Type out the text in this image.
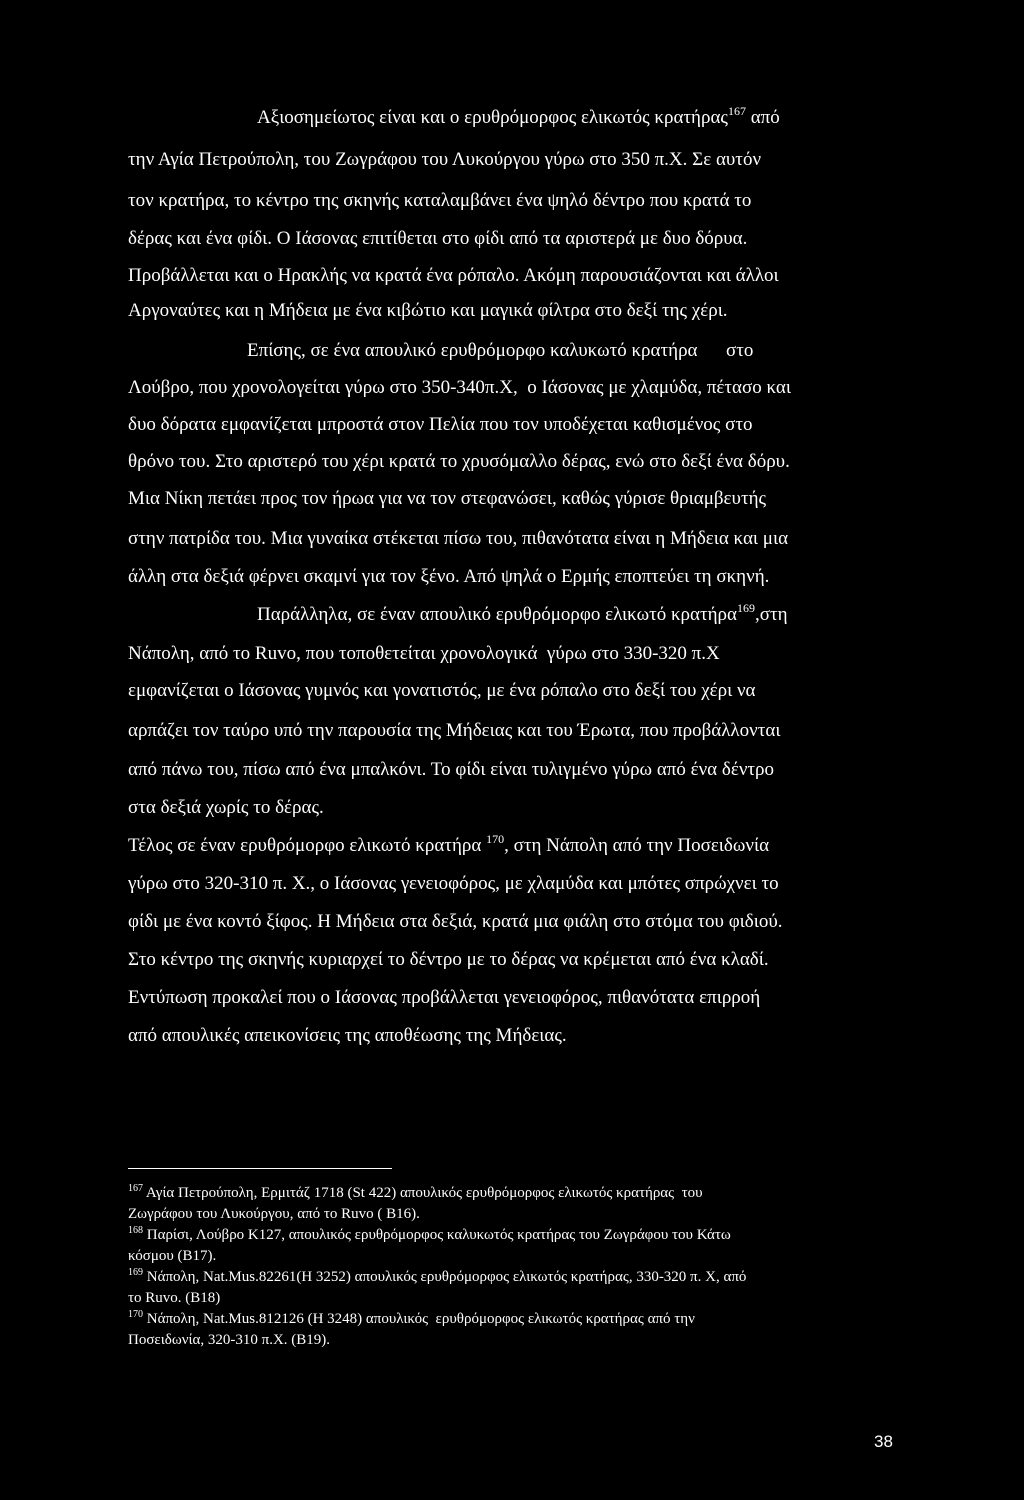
Αξιοσημείωτος είναι και ο ερυθρόμορφος ελικωτός κρατήρας$^{167}$ από
την Αγία Πετρούπολη, του Ζωγράφου του Λυκούργου γύρω στο 350 π.Χ. Σε αυτόν
τον κρατήρα, το κέντρο της σκηνής καταλαμβάνει ένα ψηλό δέντρο που κρατά το
δέρας και ένα φίδι. Ο Ιάσονας επιτίθεται στο φίδι από τα αριστερά με δυο δόρυα.
Προβάλλεται και ο Ηρακλής να κρατά ένα ρόπαλο. Ακόμη παρουσιάζονται και άλλοι
Αργοναύτες και η Μήδεια με ένα κιβώτιο και μαγικά φίλτρα στο δεξί της χέρι.
Επίσης, σε ένα απουλικό ερυθρόμορφο καλυκωτό κρατήρα      στο
Λούβρο, που χρονολογείται γύρω στο 350-340π.Χ,  ο Ιάσονας με χλαμύδα, πέτασο και
δυο δόρατα εμφανίζεται μπροστά στον Πελία που τον υποδέχεται καθισμένος στο
θρόνο του. Στο αριστερό του χέρι κρατά το χρυσόμαλλο δέρας, ενώ στο δεξί ένα δόρυ.
Μια Νίκη πετάει προς τον ήρωα για να τον στεφανώσει, καθώς γύρισε θριαμβευτής
στην πατρίδα του. Μια γυναίκα στέκεται πίσω του, πιθανότατα είναι η Μήδεια και μια
άλλη στα δεξιά φέρνει σκαμνί για τον ξένο. Από ψηλά ο Ερμής εποπτεύει τη σκηνή.
Παράλληλα, σε έναν απουλικό ερυθρόμορφο ελικωτό κρατήρα$^{169}$,στη
Νάπολη, από το Ruvo, που τοποθετείται χρονολογικά  γύρω στο 330-320 π.Χ
εμφανίζεται ο Ιάσονας γυμνός και γονατιστός, με ένα ρόπαλο στο δεξί του χέρι να
αρπάζει τον ταύρο υπό την παρουσία της Μήδειας και του Έρωτα, που προβάλλονται
από πάνω του, πίσω από ένα μπαλκόνι. Το φίδι είναι τυλιγμένο γύρω από ένα δέντρο
στα δεξιά χωρίς το δέρας.
Τέλος σε έναν ερυθρόμορφο ελικωτό κρατήρα $^{170}$, στη Νάπολη από την Ποσειδωνία
γύρω στο 320-310 π. Χ., ο Ιάσονας γενειοφόρος, με χλαμύδα και μπότες σπρώχνει το
φίδι με ένα κοντό ξίφος. Η Μήδεια στα δεξιά, κρατά μια φιάλη στο στόμα του φιδιού.
Στο κέντρο της σκηνής κυριαρχεί το δέντρο με το δέρας να κρέμεται από ένα κλαδί.
Εντύπωση προκαλεί που ο Ιάσονας προβάλλεται γενειοφόρος, πιθανότατα επιρροή
από απουλικές απεικονίσεις της αποθέωσης της Μήδειας.
$^{167}$ Αγία Πετρούπολη, Ερμιτάζ 1718 (St 422) απουλικός ερυθρόμορφος ελικωτός κρατήρας  του
Ζωγράφου του Λυκούργου, από το Ruvo ( B16).
$^{168}$ Παρίσι, Λούβρο K127, απουλικός ερυθρόμορφος καλυκωτός κρατήρας του Ζωγράφου του Κάτω
κόσμου (B17).
$^{169}$ Νάπολη, Nat.Mus.82261(H 3252) απουλικός ερυθρόμορφος ελικωτός κρατήρας, 330-320 π. Χ, από
το Ruvo. (B18)
$^{170}$ Νάπολη, Nat.Mus.812126 (H 3248) απουλικός  ερυθρόμορφος ελικωτός κρατήρας από την
Ποσειδωνία, 320-310 π.Χ. (B19).
38
